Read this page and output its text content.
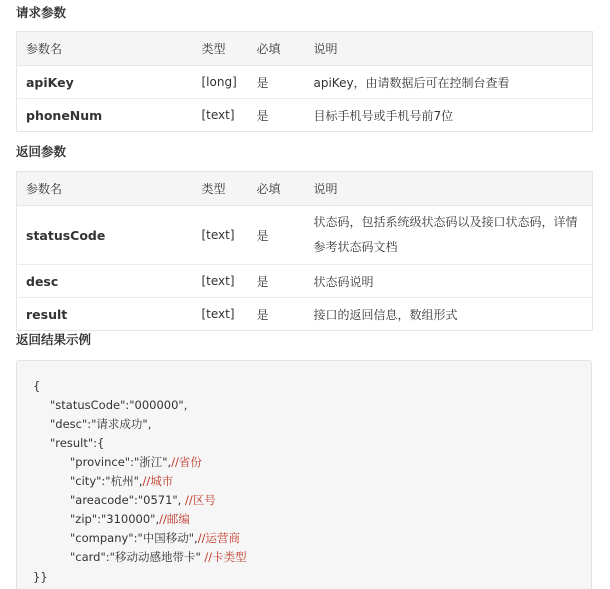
请求参数
参数名	类型	必填	说明
apiKey	[long]	是	apiKey，由请数据后可在控制台查看
phoneNum	[text]	是	目标手机号或手机号前7位
返回参数
参数名	类型	必填	说明
statusCode	[text]	是	状态码，包括系统级状态码以及接口状态码，详情参考状态码文档
desc	[text]	是	状态码说明
result	[text]	是	接口的返回信息，数组形式
返回结果示例
{
"statusCode":"000000",
"desc":"请求成功",
"result":{
"province":"浙江",//省份
"city":"杭州",//城市
"areacode":"0571", //区号
"zip":"310000",//邮编
"company":"中国移动",//运营商
"card":"移动动感地带卡" //卡类型
}}
